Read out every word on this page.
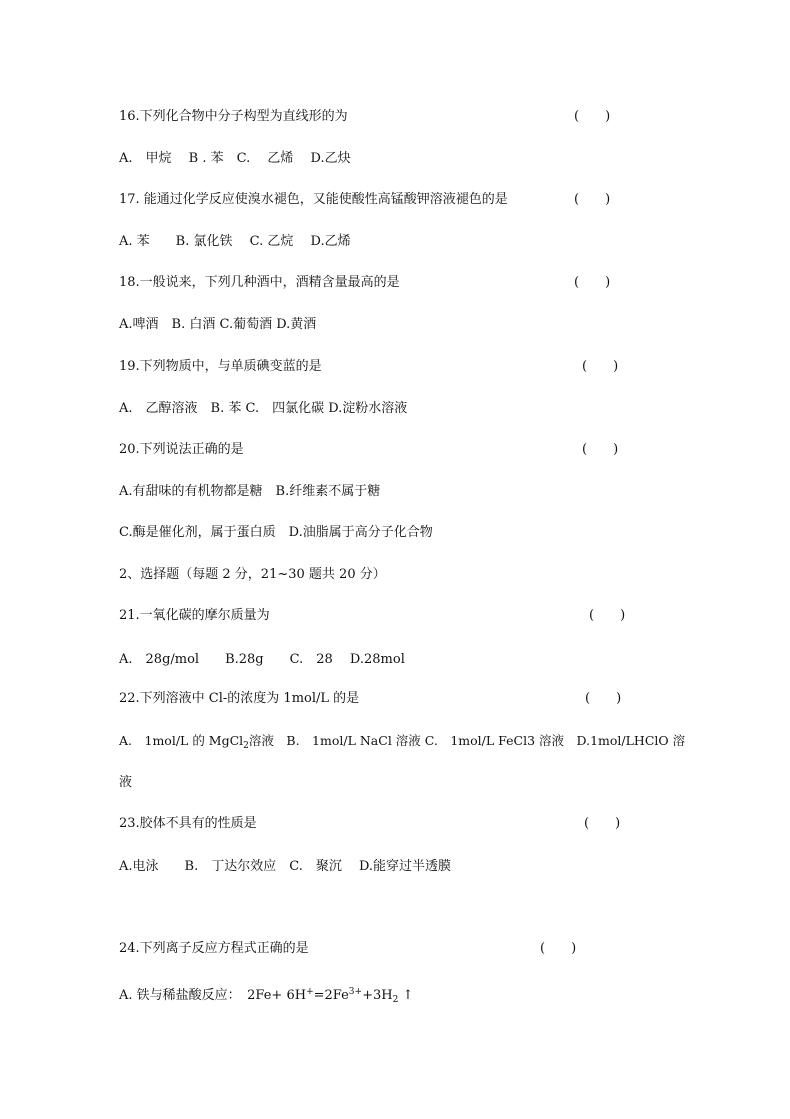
16.下列化合物中分子构型为直线形的为	(　　)
A.　甲烷　 B . 苯　C.　 乙烯　 D.乙炔
17. 能通过化学反应使溴水褪色，又能使酸性高锰酸钾溶液褪色的是	(　　)
A. 苯　　B. 氯化铁　 C. 乙烷　 D.乙烯
18.一般说来，下列几种酒中，酒精含量最高的是	(　　)
A.啤酒　B. 白酒 C.葡萄酒 D.黄酒
19.下列物质中，与单质碘变蓝的是	(　　)
A.　乙醇溶液　B. 苯 C.　四氯化碳 D.淀粉水溶液
20.下列说法正确的是	(　　)
A.有甜味的有机物都是糖　B.纤维素不属于糖
C.酶是催化剂，属于蛋白质　D.油脂属于高分子化合物
2、选择题（每题 2 分，21~30 题共 20 分）
21.一氧化碳的摩尔质量为	(　　)
A.　28g/mol　　B.28g　　C.　28　 D.28mol
22.下列溶液中 Cl-的浓度为 1mol/L 的是	(　　)
A.　1mol/L 的 MgCl$_2$溶液　B.　1mol/L NaCl 溶液 C.　1mol/L FeCl3 溶液　D.1mol/LHClO 溶
液
23.胶体不具有的性质是	(　　)
A.电泳　　B.　丁达尔效应　C.　聚沉　 D.能穿过半透膜
24.下列离子反应方程式正确的是	(　　)
A. 铁与稀盐酸反应：　$2Fe+ 6H^+=2Fe^{3+}+3H_2$ ↑
